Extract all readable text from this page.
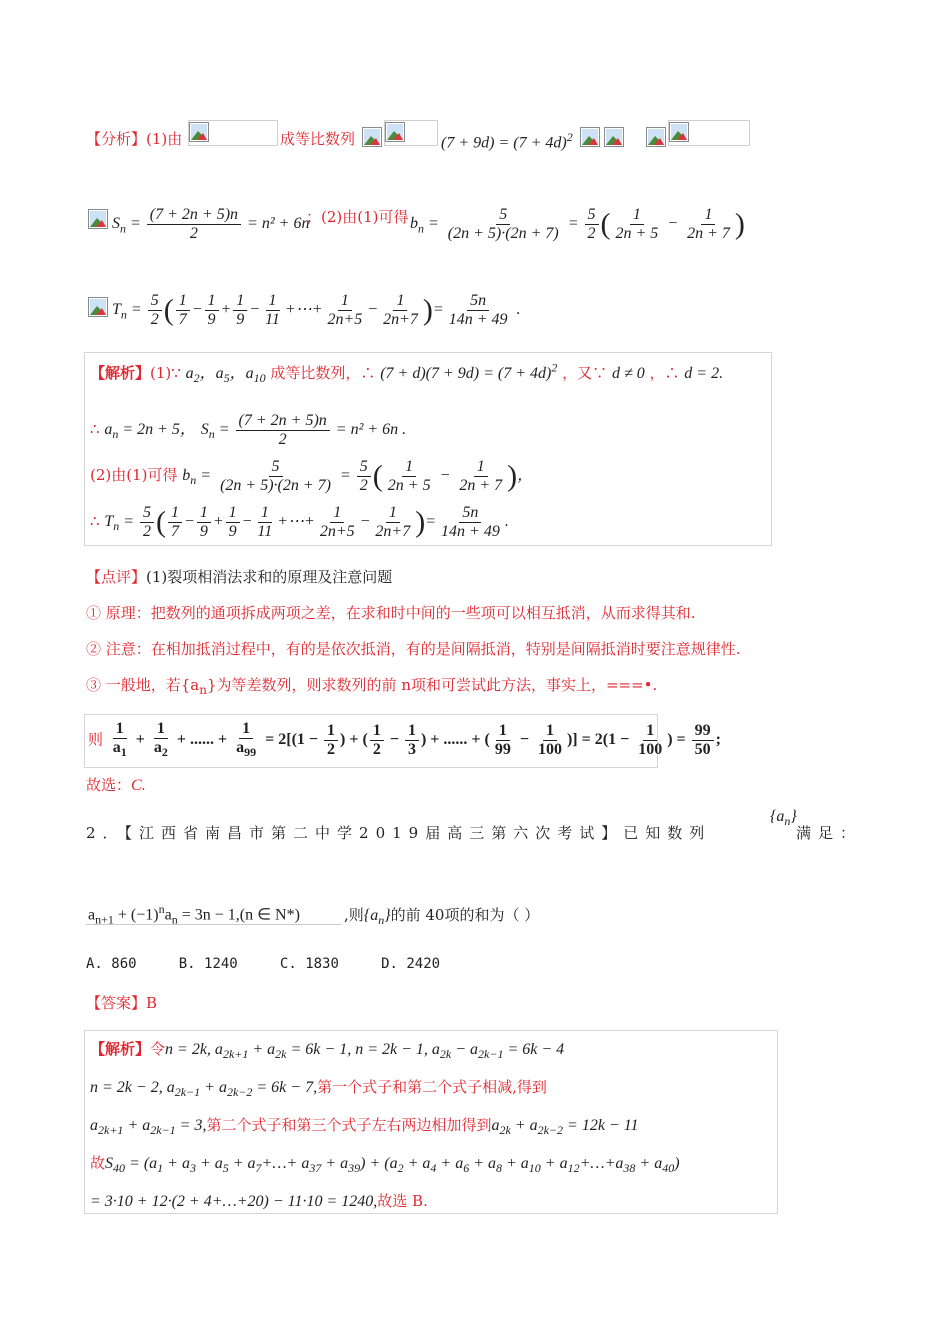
【分析】(1)由	成等比数列	$(7 + 9d) = (7 + 4d)^2$
$S_n = \frac{(7 + 2n + 5)n}{2} = n^2 + 6n$
；(2)由(1)可得 $b_n = \frac{5}{(2n + 5)\cdot(2n + 7)} = \frac{5}{2}$ ( $\frac{1}{2n + 5} - \frac{1}{2n + 7}$ )
$T_n = \frac{5}{2}$ ( $\frac{1}{7} - \frac{1}{9} + \frac{1}{9} - \frac{1}{11}$ +⋯+ $\frac{1}{2n+5} - \frac{1}{2n+7}$ )= $\frac{5n}{14n + 49}$ .
【解析】(1)∵ $a_2$，$a_5$，$a_{10}$ 成等比数列，∴ $(7 + d)(7 + 9d) = (7 + 4d)^2$ ，又∵ d ≠ 0 ，∴ d = 2.
∴ $a_n = 2n + 5$， $S_n = \frac{(7 + 2n + 5)n}{2} = n^2 + 6n$ .
(2)由(1)可得 $b_n = \frac{5}{(2n + 5)\cdot(2n + 7)} = \frac{5}{2}$ ( $\frac{1}{2n + 5} - \frac{1}{2n + 7}$ )，
∴ $T_n = \frac{5}{2}$ ( $\frac{1}{7} - \frac{1}{9} + \frac{1}{9} - \frac{1}{11}$ +⋯+ $\frac{1}{2n+5} - \frac{1}{2n+7}$ )= $\frac{5n}{14n + 49}$ .
【点评】(1)裂项相消法求和的原理及注意问题
① 原理：把数列的通项拆成两项之差，在求和时中间的一些项可以相互抵消，从而求得其和.
② 注意：在相加抵消过程中，有的是依次抵消，有的是间隔抵消，特别是间隔抵消时要注意规律性.
③ 一般地，若$\{a_n\}$为等差数列，则求数列的前 n项和可尝试此方法，事实上，===•.
则 $\frac{1}{a_1} + \frac{1}{a_2}$ + ...... + $\frac{1}{a_{99}} = 2[(1 - \frac{1}{2}$ ) + ( $\frac{1}{2} - \frac{1}{3}$ ) + ...... + ( $\frac{1}{99} - \frac{1}{100}$ )] = $2(1 - \frac{1}{100}$ ) = $\frac{99}{50}$ ;
故选：C.
2．【江西省南昌市第二中学2019届高三第六次考试】已知数列
$\{a_n\}$
满足：
$a_{n+1} + (-1)^na_n = 3n - 1,(n$ ∈ N*)	,则$\{a_n\}$的前 40项的和为（ ）
A. 860	B. 1240	C. 1830	D. 2420
【答案】B
【解析】令n = 2k, $a_{2k+1} + a_{2k} = 6k - 1$, n = 2k − 1, $a_{2k} - a_{2k-1} = 6k - 4$
n = 2k − 2, $a_{2k-1} + a_{2k-2} = 6k - 7$,第一个式子和第二个式子相减,得到
$a_{2k+1} + a_{2k-1} = 3$,第二个式子和第三个式子左右两边相加得到$a_{2k} + a_{2k-2} = 12k - 11$
故$S_{40} = (a_1 + a_3 + a_5$ + $a_7+\dots+ a_{37} + a_{39}) + (a_2 + a_4 + a_6 + a_8 + a_{10}$ + $a_{12}+\dots+a_{38} + a_{40}$)
= 3·10 + 12·(2 + 4+…+20) − 11·10 = 1240,故选 B.
